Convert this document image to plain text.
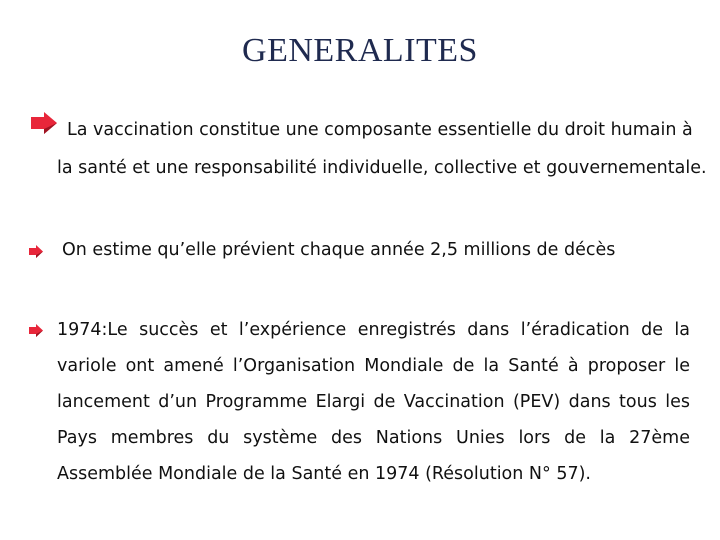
GENERALITES
La vaccination constitue une composante essentielle du droit humain à
la santé et une responsabilité individuelle, collective et gouvernementale.
On estime qu’elle prévient chaque année 2,5 millions de décès
1974:Le succès et l’expérience enregistrés dans l’éradication de la variole ont amené l’Organisation Mondiale de la Santé à proposer le lancement d’un Programme Elargi de Vaccination (PEV) dans tous les Pays membres du système des Nations Unies lors de la 27ème Assemblée Mondiale de la Santé en 1974 (Résolution N° 57).
